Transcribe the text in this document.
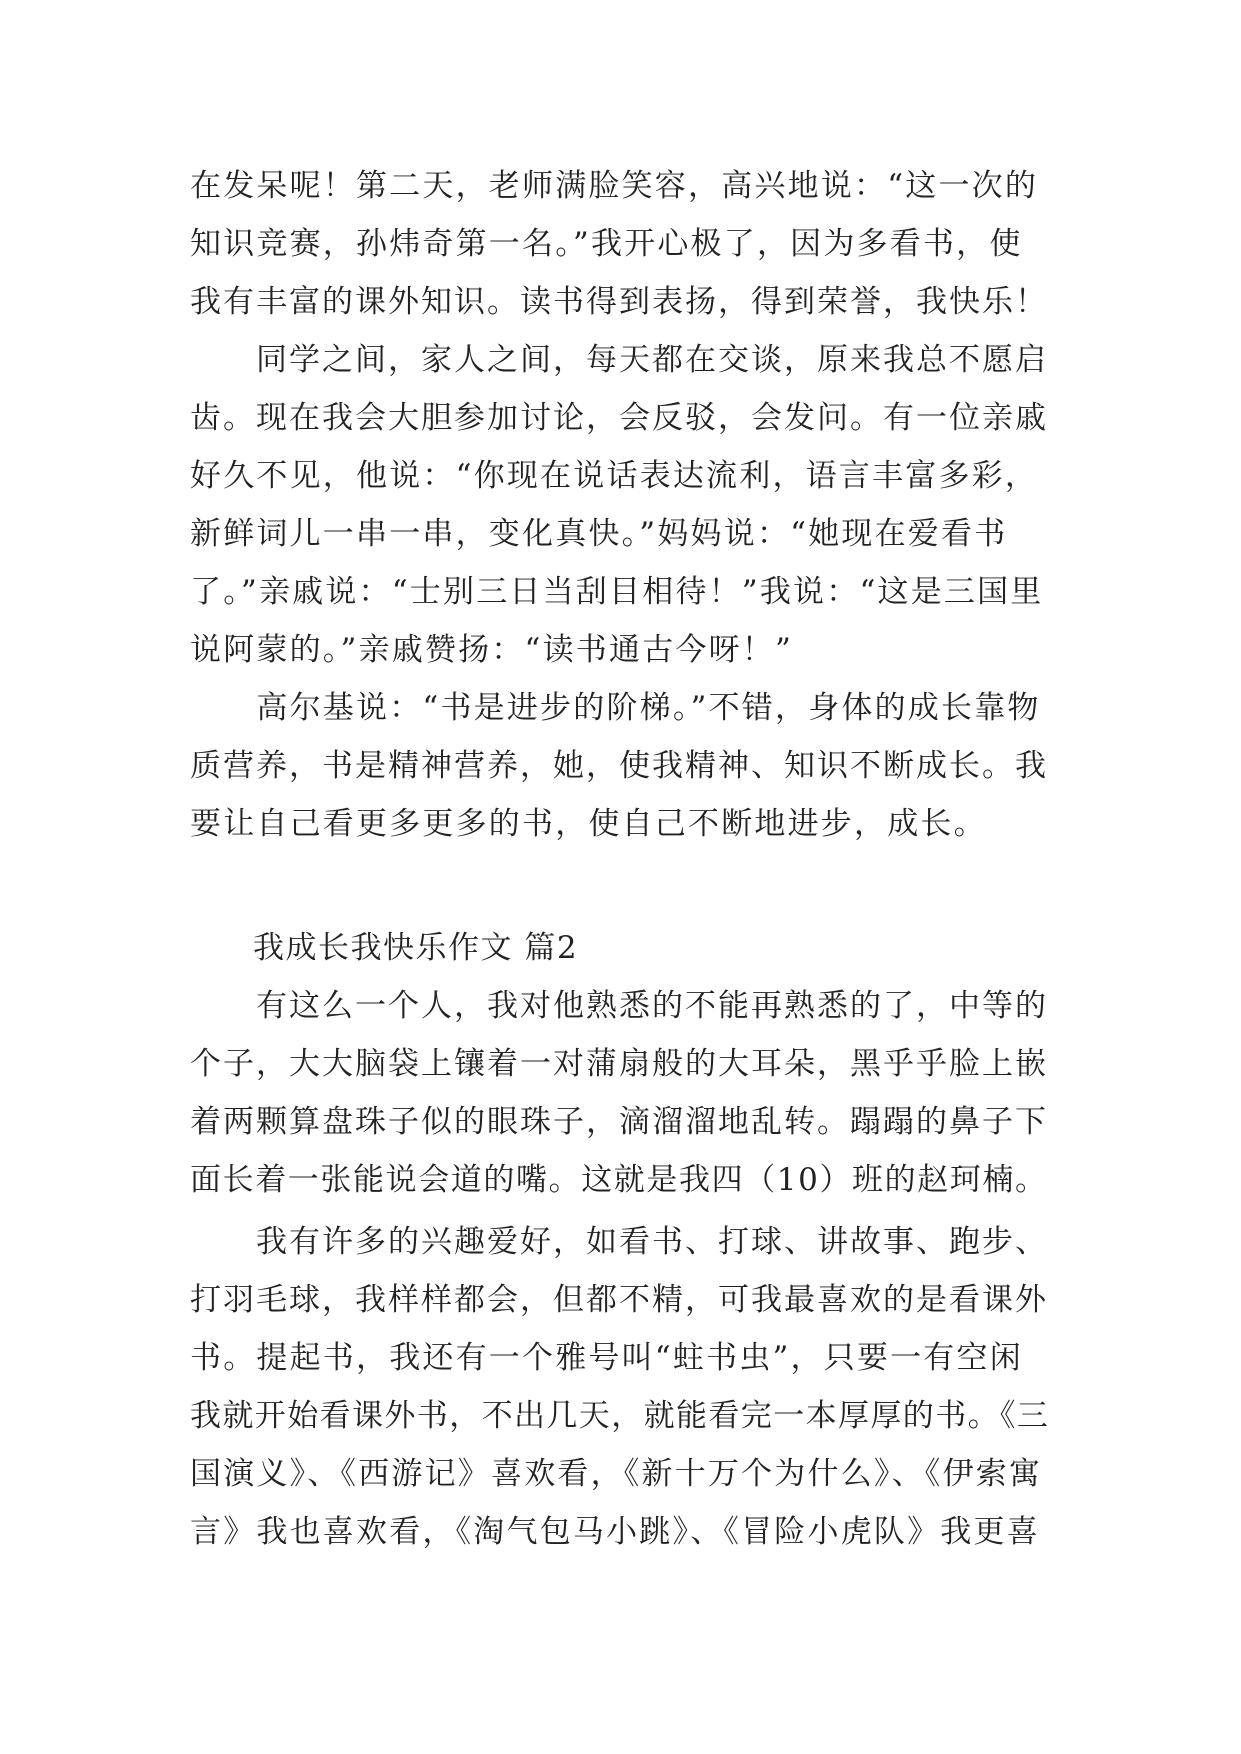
在发呆呢！第二天，老师满脸笑容，高兴地说：“这一次的
知识竞赛，孙炜奇第一名。”我开心极了，因为多看书，使
我有丰富的课外知识。读书得到表扬，得到荣誉，我快乐！
　　同学之间，家人之间，每天都在交谈，原来我总不愿启
齿。现在我会大胆参加讨论，会反驳，会发问。有一位亲戚
好久不见，他说：“你现在说话表达流利，语言丰富多彩，
新鲜词儿一串一串，变化真快。”妈妈说：“她现在爱看书
了。”亲戚说：“士别三日当刮目相待！”我说：“这是三国里
说阿蒙的。”亲戚赞扬：“读书通古今呀！”
　　高尔基说：“书是进步的阶梯。”不错，身体的成长靠物
质营养，书是精神营养，她，使我精神、知识不断成长。我
要让自己看更多更多的书，使自己不断地进步，成长。
我成长我快乐作文 篇2
　　有这么一个人，我对他熟悉的不能再熟悉的了，中等的
个子，大大脑袋上镶着一对蒲扇般的大耳朵，黑乎乎脸上嵌
着两颗算盘珠子似的眼珠子，滴溜溜地乱转。蹋蹋的鼻子下
面长着一张能说会道的嘴。这就是我四（10）班的赵珂楠。
　　我有许多的兴趣爱好，如看书、打球、讲故事、跑步、
打羽毛球，我样样都会，但都不精，可我最喜欢的是看课外
书。提起书，我还有一个雅号叫“蛀书虫”，只要一有空闲
我就开始看课外书，不出几天，就能看完一本厚厚的书。《三
国演义》、《西游记》喜欢看，《新十万个为什么》、《伊索寓
言》我也喜欢看，《淘气包马小跳》、《冒险小虎队》我更喜
